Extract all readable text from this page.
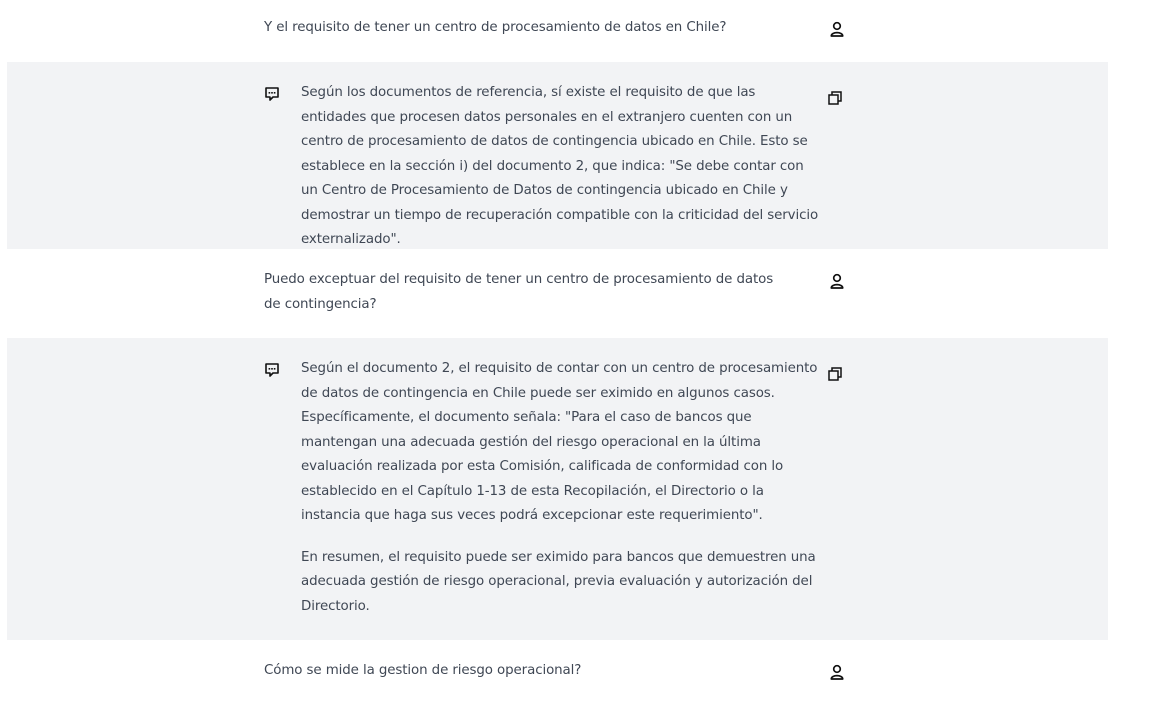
Y el requisito de tener un centro de procesamiento de datos en Chile?

Según los documentos de referencia, sí existe el requisito de que las entidades que procesen datos personales en el extranjero cuenten con un centro de procesamiento de datos de contingencia ubicado en Chile. Esto se establece en la sección i) del documento 2, que indica: "Se debe contar con un Centro de Procesamiento de Datos de contingencia ubicado en Chile y demostrar un tiempo de recuperación compatible con la criticidad del servicio externalizado".

Puedo exceptuar del requisito de tener un centro de procesamiento de datos de contingencia?

Según el documento 2, el requisito de contar con un centro de procesamiento de datos de contingencia en Chile puede ser eximido en algunos casos. Específicamente, el documento señala: "Para el caso de bancos que mantengan una adecuada gestión del riesgo operacional en la última evaluación realizada por esta Comisión, calificada de conformidad con lo establecido en el Capítulo 1-13 de esta Recopilación, el Directorio o la instancia que haga sus veces podrá excepcionar este requerimiento".

En resumen, el requisito puede ser eximido para bancos que demuestren una adecuada gestión de riesgo operacional, previa evaluación y autorización del Directorio.

Cómo se mide la gestion de riesgo operacional?
